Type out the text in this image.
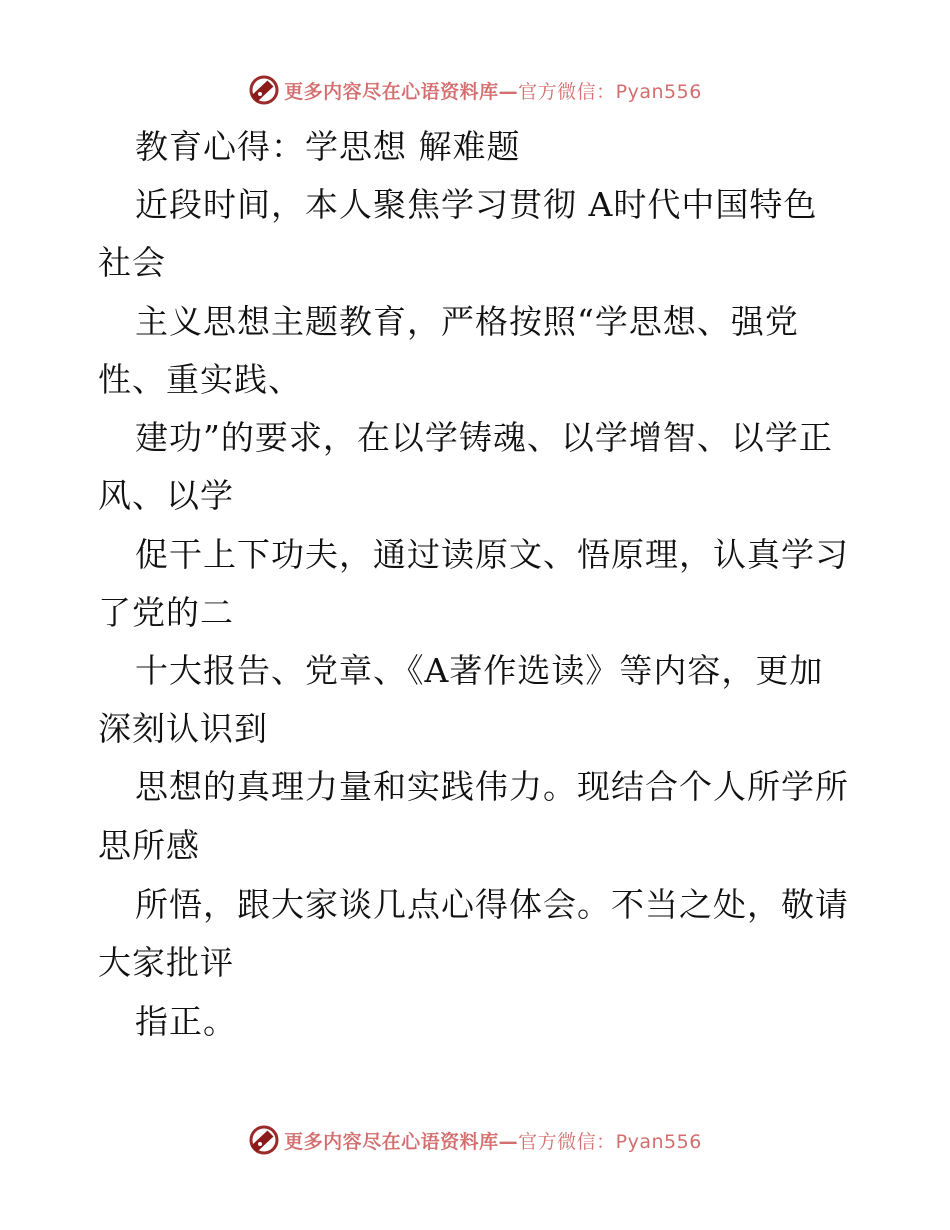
更多内容尽在心语资料库—官方微信：Pyan556
教育心得：学思想 解难题
近段时间，本人聚焦学习贯彻 A时代中国特色
社会
主义思想主题教育，严格按照“学思想、强党
性、重实践、
建功”的要求，在以学铸魂、以学增智、以学正
风、以学
促干上下功夫，通过读原文、悟原理，认真学习
了党的二
十大报告、党章、《A著作选读》等内容，更加
深刻认识到
思想的真理力量和实践伟力。现结合个人所学所
思所感
所悟，跟大家谈几点心得体会。不当之处，敬请
大家批评
指正。
更多内容尽在心语资料库—官方微信：Pyan556
